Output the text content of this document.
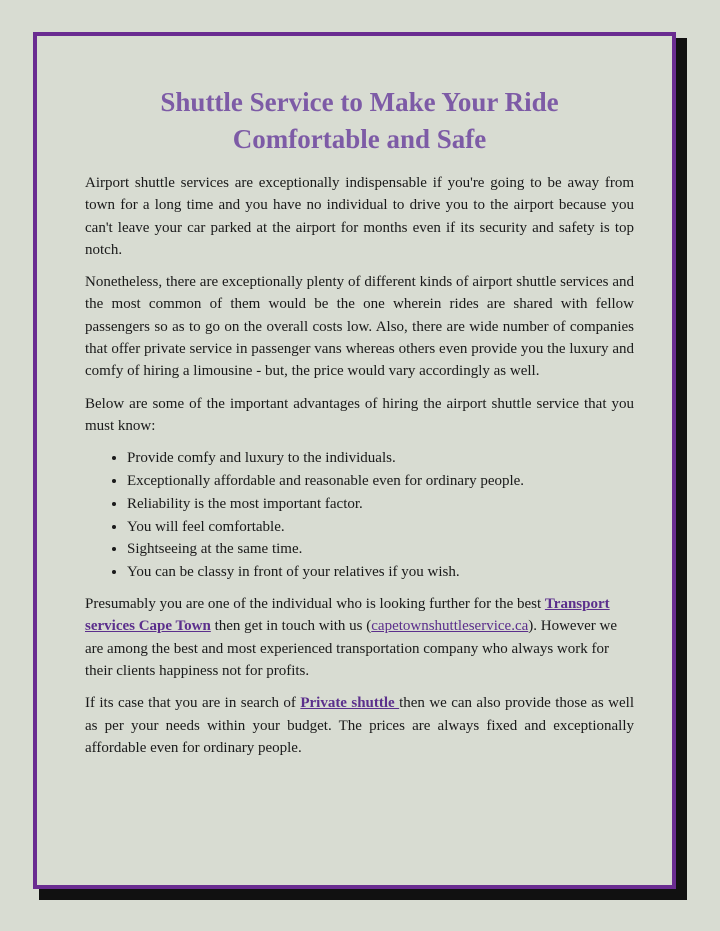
Shuttle Service to Make Your Ride
Comfortable and Safe

Airport shuttle services are exceptionally indispensable if you're going to be away from town for a long time and you have no individual to drive you to the airport because you can't leave your car parked at the airport for months even if its security and safety is top notch.

Nonetheless, there are exceptionally plenty of different kinds of airport shuttle services and the most common of them would be the one wherein rides are shared with fellow passengers so as to go on the overall costs low. Also, there are wide number of companies that offer private service in passenger vans whereas others even provide you the luxury and comfy of hiring a limousine - but, the price would vary accordingly as well.

Below are some of the important advantages of hiring the airport shuttle service that you must know:

• Provide comfy and luxury to the individuals.
• Exceptionally affordable and reasonable even for ordinary people.
• Reliability is the most important factor.
• You will feel comfortable.
• Sightseeing at the same time.
• You can be classy in front of your relatives if you wish.

Presumably you are one of the individual who is looking further for the best Transport services Cape Town then get in touch with us (capetownshuttleservice.ca). However we are among the best and most experienced transportation company who always work for their clients happiness not for profits.

If its case that you are in search of Private shuttle then we can also provide those as well as per your needs within your budget. The prices are always fixed and exceptionally affordable even for ordinary people.
